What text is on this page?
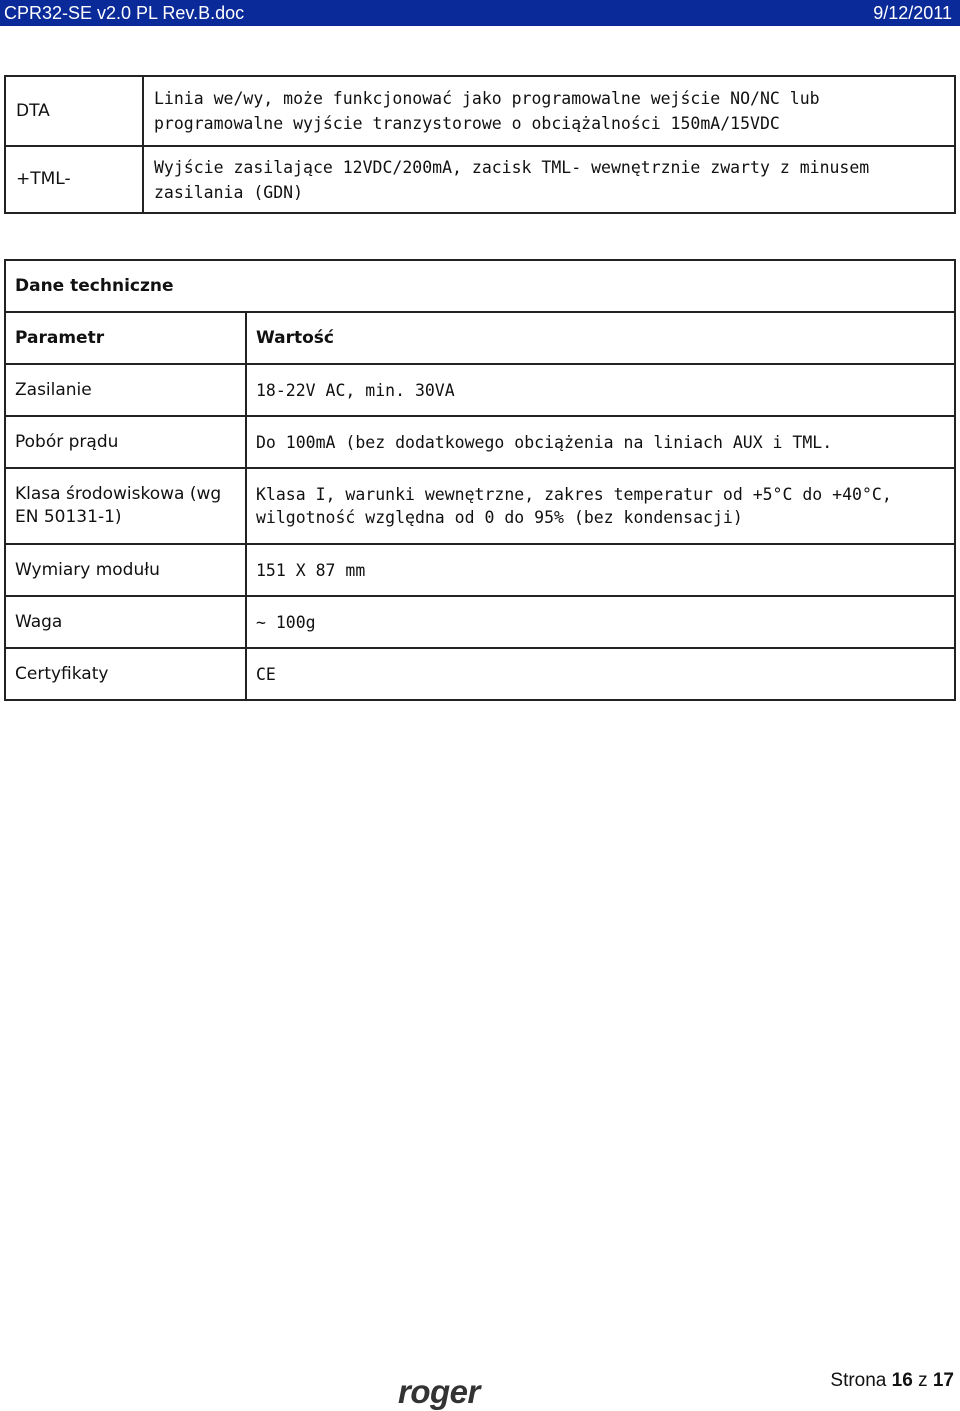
CPR32-SE v2.0 PL Rev.B.doc	9/12/2011
DTA	Linia we/wy, może funkcjonować jako programowalne wejście NO/NC lub programowalne wyjście tranzystorowe o obciążalności 150mA/15VDC
+TML-	Wyjście zasilające 12VDC/200mA, zacisk TML- wewnętrznie zwarty z minusem zasilania (GDN)
Dane techniczne	
Parametr	Wartość
Zasilanie	18-22V AC, min. 30VA
Pobór prądu	Do 100mA (bez dodatkowego obciążenia na liniach AUX i TML.
Klasa środowiskowa (wg EN 50131-1)	Klasa I, warunki wewnętrzne, zakres temperatur od +5°C do +40°C, wilgotność względna od 0 do 95% (bez kondensacji)
Wymiary modułu	151 X 87 mm
Waga	~ 100g
Certyfikaty	CE
roger	Strona 16 z 17
